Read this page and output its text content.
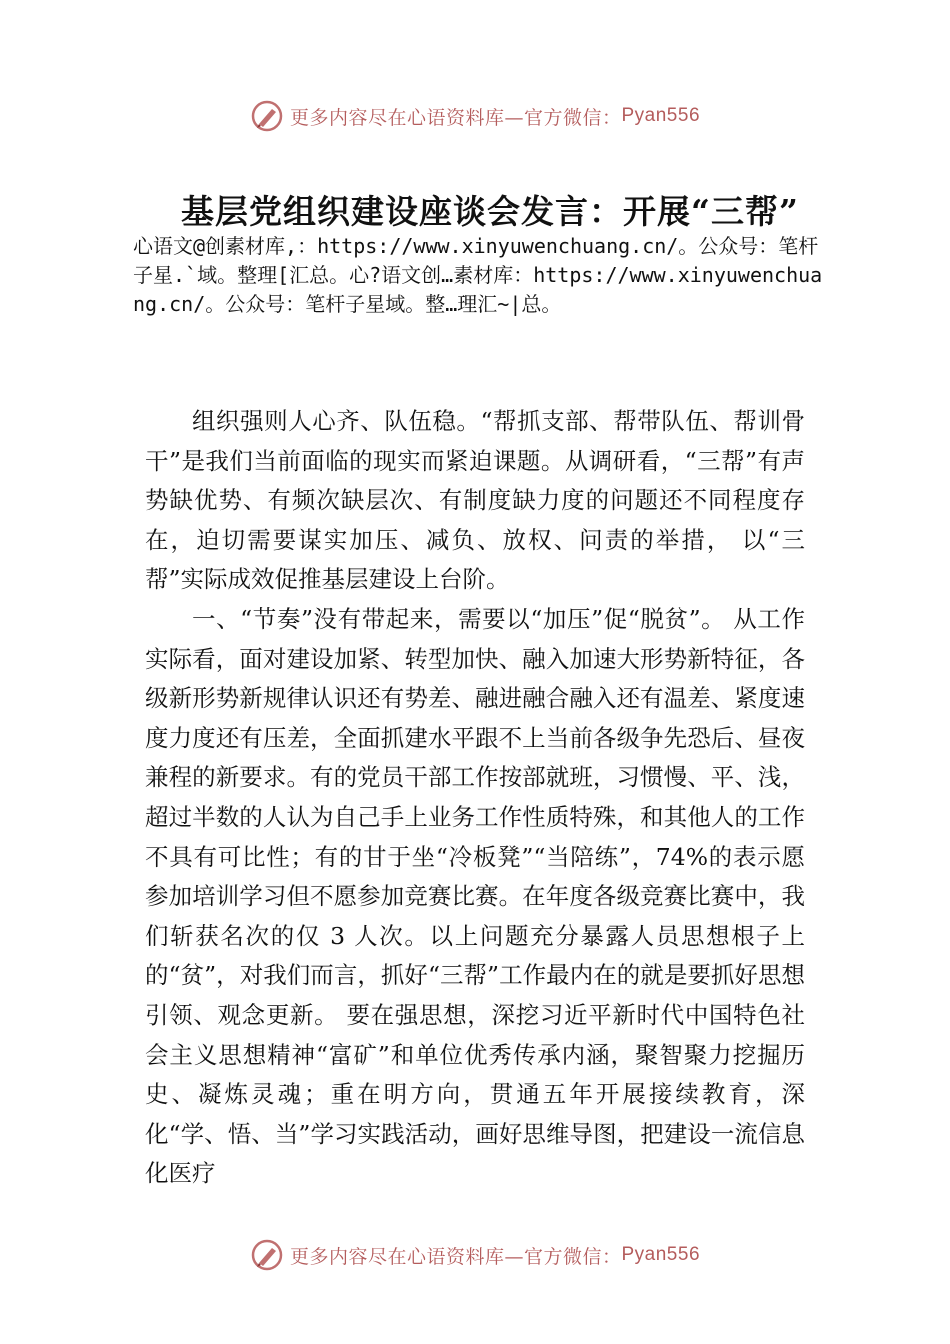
更多内容尽在心语资料库—官方微信： Pyan556
基层党组织建设座谈会发言：开展“三帮”
心语文@创素材库,：https://www.xinyuwenchuang.cn/。公众号：笔杆子星.`域。整理[汇总。心?语文创…素材库：https://www.xinyuwenchuang.cn/。公众号：笔杆子星域。整…理汇~|总。

组织强则人心齐、队伍稳。“帮抓支部、帮带队伍、帮训骨干”是我们当前面临的现实而紧迫课题。从调研看，“三帮”有声势缺优势、有频次缺层次、有制度缺力度的问题还不同程度存在，迫切需要谋实加压、减负、放权、问责的举措， 以“三帮”实际成效促推基层建设上台阶。

一、“节奏”没有带起来，需要以“加压”促“脱贫”。 从工作实际看，面对建设加紧、转型加快、融入加速大形势新特征，各级新形势新规律认识还有势差、融进融合融入还有温差、紧度速度力度还有压差，全面抓建水平跟不上当前各级争先恐后、昼夜兼程的新要求。有的党员干部工作按部就班，习惯慢、平、浅，超过半数的人认为自己手上业务工作性质特殊，和其他人的工作不具有可比性；有的甘于坐“冷板凳”“当陪练”，74%的表示愿参加培训学习但不愿参加竞赛比赛。在年度各级竞赛比赛中，我们斩获名次的仅 3 人次。以上问题充分暴露人员思想根子上的“贫”，对我们而言，抓好“三帮”工作最内在的就是要抓好思想引领、观念更新。 要在强思想，深挖习近平新时代中国特色社会主义思想精神“富矿”和单位优秀传承内涵，聚智聚力挖掘历史、凝炼灵魂；重在明方向，贯通五年开展接续教育，深化“学、悟、当”学习实践活动，画好思维导图，把建设一流信息化医疗

更多内容尽在心语资料库—官方微信： Pyan556
